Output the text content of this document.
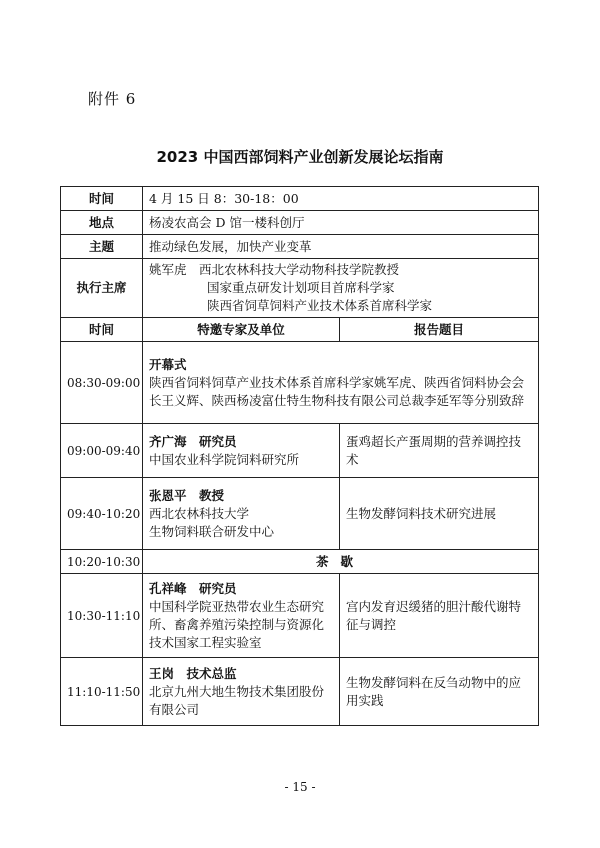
附件 6
2023 中国西部饲料产业创新发展论坛指南
时间	4 月 15 日 8：30-18：00	
地点	杨凌农高会 D 馆一楼科创厅	
主题	推动绿色发展，加快产业变革	
执行主席	姚军虎　西北农林科技大学动物科技学院教授
国家重点研发计划项目首席科学家
陕西省饲草饲料产业技术体系首席科学家	

时间	特邀专家及单位	报告题目
08:30-09:00	开幕式
陕西省饲料饲草产业技术体系首席科学家姚军虎、陕西省饲料协会会长王义辉、陕西杨凌富仕特生物科技有限公司总裁李延军等分别致辞	

09:00-09:40	齐广海　研究员
中国农业科学院饲料研究所	蛋鸡超长产蛋周期的营养调控技术
09:40-10:20	张恩平　教授
西北农林科技大学
生物饲料联合研发中心	生物发酵饲料技术研究进展
10:20-10:30	茶歇	
10:30-11:10	孔祥峰　研究员
中国科学院亚热带农业生态研究所、畜禽养殖污染控制与资源化技术国家工程实验室	宫内发育迟缓猪的胆汁酸代谢特征与调控
11:10-11:50	王岗　技术总监
北京九州大地生物技术集团股份有限公司	生物发酵饲料在反刍动物中的应用实践
- 15 -
